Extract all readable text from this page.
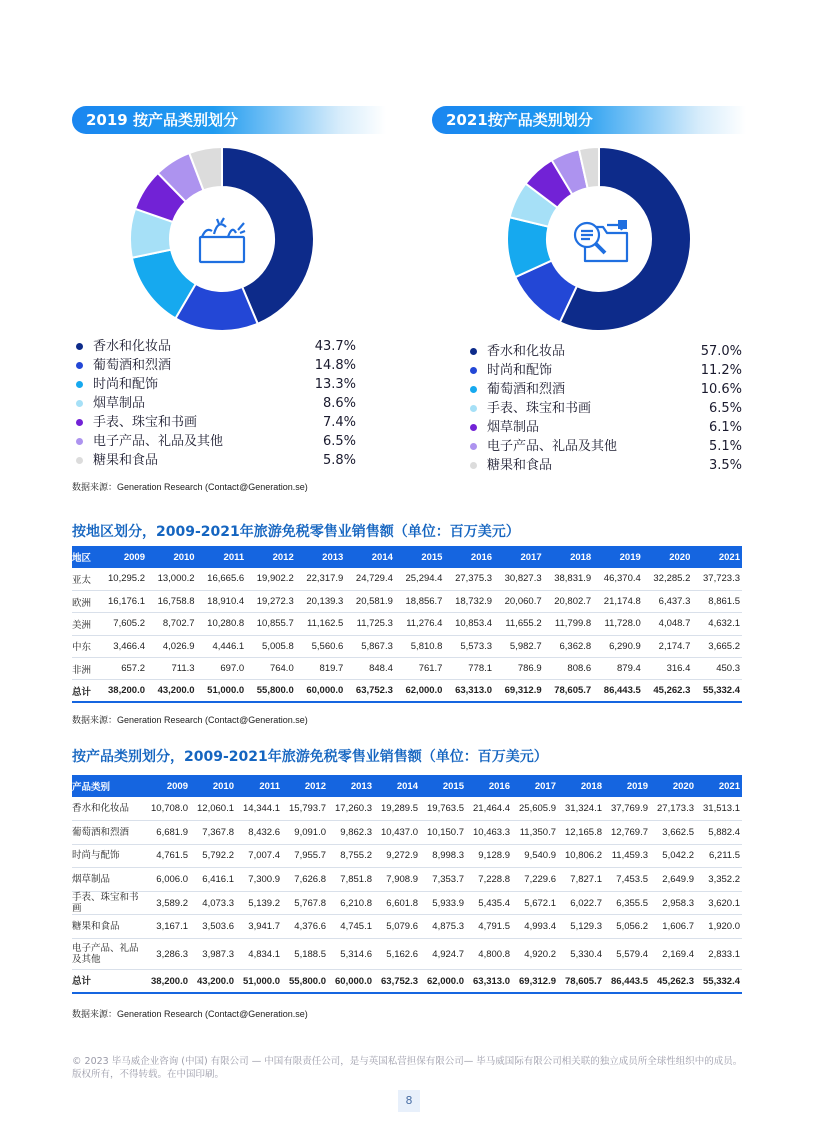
2019 按产品类别划分	2021按产品类别划分
香水和化妆品	43.7%
葡萄酒和烈酒	14.8%
时尚和配饰	13.3%
烟草制品	8.6%
手表、珠宝和书画	7.4%
电子产品、礼品及其他	6.5%
糖果和食品	5.8%
香水和化妆品	57.0%
时尚和配饰	11.2%
葡萄酒和烈酒	10.6%
手表、珠宝和书画	6.5%
烟草制品	6.1%
电子产品、礼品及其他	5.1%
糖果和食品	3.5%
数据来源：Generation Research (Contact@Generation.se)
按地区划分，2009-2021年旅游免税零售业销售额（单位：百万美元）
地区	2009	2010	2011	2012	2013	2014	2015	2016	2017	2018	2019	2020	2021
亚太	10,295.2	13,000.2	16,665.6	19,902.2	22,317.9	24,729.4	25,294.4	27,375.3	30,827.3	38,831.9	46,370.4	32,285.2	37,723.3
欧洲	16,176.1	16,758.8	18,910.4	19,272.3	20,139.3	20,581.9	18,856.7	18,732.9	20,060.7	20,802.7	21,174.8	6,437.3	8,861.5
美洲	7,605.2	8,702.7	10,280.8	10,855.7	11,162.5	11,725.3	11,276.4	10,853.4	11,655.2	11,799.8	11,728.0	4,048.7	4,632.1
中东	3,466.4	4,026.9	4,446.1	5,005.8	5,560.6	5,867.3	5,810.8	5,573.3	5,982.7	6,362.8	6,290.9	2,174.7	3,665.2
非洲	657.2	711.3	697.0	764.0	819.7	848.4	761.7	778.1	786.9	808.6	879.4	316.4	450.3
总计	38,200.0	43,200.0	51,000.0	55,800.0	60,000.0	63,752.3	62,000.0	63,313.0	69,312.9	78,605.7	86,443.5	45,262.3	55,332.4
数据来源：Generation Research (Contact@Generation.se)
按产品类别划分，2009-2021年旅游免税零售业销售额（单位：百万美元）
产品类别	2009	2010	2011	2012	2013	2014	2015	2016	2017	2018	2019	2020	2021
香水和化妆品	10,708.0	12,060.1	14,344.1	15,793.7	17,260.3	19,289.5	19,763.5	21,464.4	25,605.9	31,324.1	37,769.9	27,173.3	31,513.1
葡萄酒和烈酒	6,681.9	7,367.8	8,432.6	9,091.0	9,862.3	10,437.0	10,150.7	10,463.3	11,350.7	12,165.8	12,769.7	3,662.5	5,882.4
时尚与配饰	4,761.5	5,792.2	7,007.4	7,955.7	8,755.2	9,272.9	8,998.3	9,128.9	9,540.9	10,806.2	11,459.3	5,042.2	6,211.5
烟草制品	6,006.0	6,416.1	7,300.9	7,626.8	7,851.8	7,908.9	7,353.7	7,228.8	7,229.6	7,827.1	7,453.5	2,649.9	3,352.2
手表、珠宝和书画	3,589.2	4,073.3	5,139.2	5,767.8	6,210.8	6,601.8	5,933.9	5,435.4	5,672.1	6,022.7	6,355.5	2,958.3	3,620.1
糖果和食品	3,167.1	3,503.6	3,941.7	4,376.6	4,745.1	5,079.6	4,875.3	4,791.5	4,993.4	5,129.3	5,056.2	1,606.7	1,920.0
电子产品、礼品及其他	3,286.3	3,987.3	4,834.1	5,188.5	5,314.6	5,162.6	4,924.7	4,800.8	4,920.2	5,330.4	5,579.4	2,169.4	2,833.1
总计	38,200.0	43,200.0	51,000.0	55,800.0	60,000.0	63,752.3	62,000.0	63,313.0	69,312.9	78,605.7	86,443.5	45,262.3	55,332.4
数据来源：Generation Research (Contact@Generation.se)
© 2023 毕马威企业咨询 (中国) 有限公司 — 中国有限责任公司，是与英国私营担保有限公司— 毕马威国际有限公司相关联的独立成员所全球性组织中的成员。版权所有，不得转载。在中国印刷。
8
